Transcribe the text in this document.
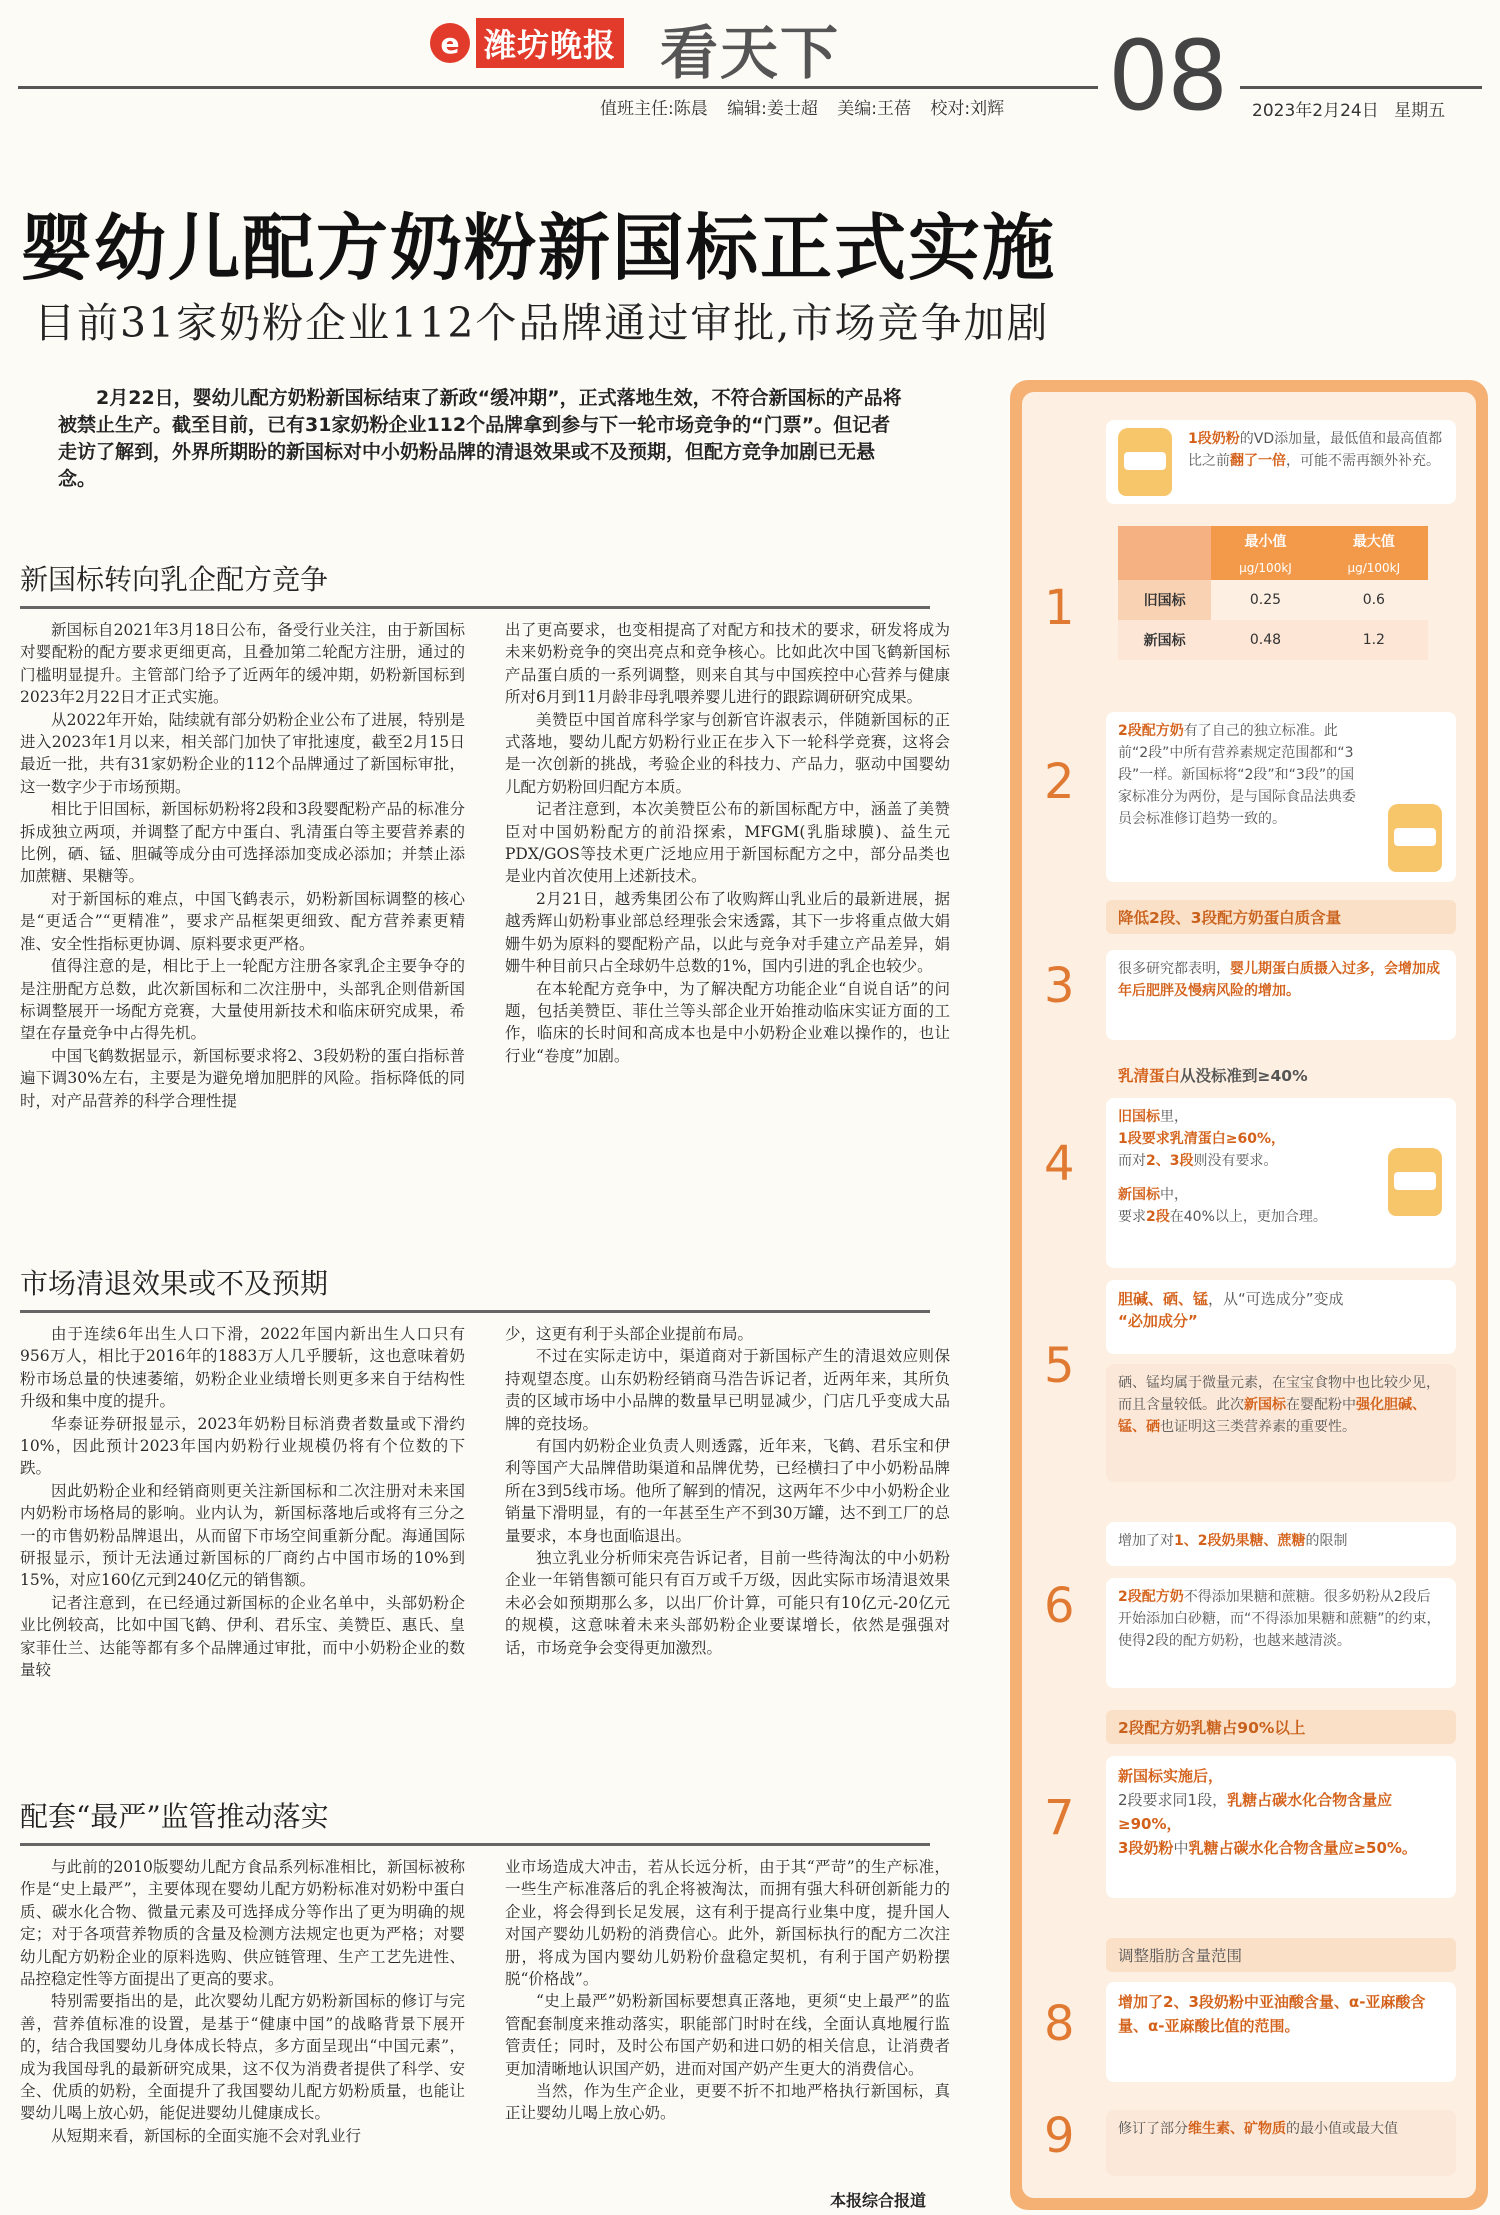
e 潍坊晚报 看天下
值班主任:陈晨 编辑:姜士超 美编:王蓓 校对:刘辉 08 2023年2月24日 星期五
婴幼儿配方奶粉新国标正式实施
目前31家奶粉企业112个品牌通过审批,市场竞争加剧
2月22日，婴幼儿配方奶粉新国标结束了新政“缓冲期”，正式落地生效，不符合新国标的产品将被禁止生产。截至目前，已有31家奶粉企业112个品牌拿到参与下一轮市场竞争的“门票”。但记者走访了解到，外界所期盼的新国标对中小奶粉品牌的清退效果或不及预期，但配方竞争加剧已无悬念。
新国标转向乳企配方竞争

新国标自2021年3月18日公布，备受行业关注，由于新国标对婴配粉的配方要求更细更高，且叠加第二轮配方注册，通过的门槛明显提升。主管部门给予了近两年的缓冲期，奶粉新国标到2023年2月22日才正式实施。

从2022年开始，陆续就有部分奶粉企业公布了进展，特别是进入2023年1月以来，相关部门加快了审批速度，截至2月15日最近一批，共有31家奶粉企业的112个品牌通过了新国标审批，这一数字少于市场预期。

相比于旧国标，新国标奶粉将2段和3段婴配粉产品的标准分拆成独立两项，并调整了配方中蛋白、乳清蛋白等主要营养素的比例，硒、锰、胆碱等成分由可选择添加变成必添加；并禁止添加蔗糖、果糖等。

对于新国标的难点，中国飞鹤表示，奶粉新国标调整的核心是“更适合”“更精准”，要求产品框架更细致、配方营养素更精准、安全性指标更协调、原料要求更严格。

值得注意的是，相比于上一轮配方注册各家乳企主要争夺的是注册配方总数，此次新国标和二次注册中，头部乳企则借新国标调整展开一场配方竞赛，大量使用新技术和临床研究成果，希望在存量竞争中占得先机。

中国飞鹤数据显示，新国标要求将2、3段奶粉的蛋白指标普遍下调30%左右，主要是为避免增加肥胖的风险。指标降低的同时，对产品营养的科学合理性提

出了更高要求，也变相提高了对配方和技术的要求，研发将成为未来奶粉竞争的突出亮点和竞争核心。比如此次中国飞鹤新国标产品蛋白质的一系列调整，则来自其与中国疾控中心营养与健康所对6月到11月龄非母乳喂养婴儿进行的跟踪调研研究成果。

美赞臣中国首席科学家与创新官许淑表示，伴随新国标的正式落地，婴幼儿配方奶粉行业正在步入下一轮科学竞赛，这将会是一次创新的挑战，考验企业的科技力、产品力，驱动中国婴幼儿配方奶粉回归配方本质。

记者注意到，本次美赞臣公布的新国标配方中，涵盖了美赞臣对中国奶粉配方的前沿探索，MFGM(乳脂球膜)、益生元PDX/GOS等技术更广泛地应用于新国标配方之中，部分品类也是业内首次使用上述新技术。

2月21日，越秀集团公布了收购辉山乳业后的最新进展，据越秀辉山奶粉事业部总经理张会宋透露，其下一步将重点做大娟姗牛奶为原料的婴配粉产品，以此与竞争对手建立产品差异，娟姗牛种目前只占全球奶牛总数的1%，国内引进的乳企也较少。

在本轮配方竞争中，为了解决配方功能企业“自说自话”的问题，包括美赞臣、菲仕兰等头部企业开始推动临床实证方面的工作，临床的长时间和高成本也是中小奶粉企业难以操作的，也让行业“卷度”加剧。

市场清退效果或不及预期

由于连续6年出生人口下滑，2022年国内新出生人口只有956万人，相比于2016年的1883万人几乎腰斩，这也意味着奶粉市场总量的快速萎缩，奶粉企业业绩增长则更多来自于结构性升级和集中度的提升。

华泰证券研报显示，2023年奶粉目标消费者数量或下滑约10%，因此预计2023年国内奶粉行业规模仍将有个位数的下跌。

因此奶粉企业和经销商则更关注新国标和二次注册对未来国内奶粉市场格局的影响。业内认为，新国标落地后或将有三分之一的市售奶粉品牌退出，从而留下市场空间重新分配。海通国际研报显示，预计无法通过新国标的厂商约占中国市场的10%到15%，对应160亿元到240亿元的销售额。

记者注意到，在已经通过新国标的企业名单中，头部奶粉企业比例较高，比如中国飞鹤、伊利、君乐宝、美赞臣、惠氏、皇家菲仕兰、达能等都有多个品牌通过审批，而中小奶粉企业的数量较

少，这更有利于头部企业提前布局。

不过在实际走访中，渠道商对于新国标产生的清退效应则保持观望态度。山东奶粉经销商马浩告诉记者，近两年来，其所负责的区域市场中小品牌的数量早已明显减少，门店几乎变成大品牌的竞技场。

有国内奶粉企业负责人则透露，近年来，飞鹤、君乐宝和伊利等国产大品牌借助渠道和品牌优势，已经横扫了中小奶粉品牌所在3到5线市场。他所了解到的情况，这两年不少中小奶粉企业销量下滑明显，有的一年甚至生产不到30万罐，达不到工厂的总量要求，本身也面临退出。

独立乳业分析师宋亮告诉记者，目前一些待淘汰的中小奶粉企业一年销售额可能只有百万或千万级，因此实际市场清退效果未必会如预期那么多，以出厂价计算，可能只有10亿元-20亿元的规模，这意味着未来头部奶粉企业要谋增长，依然是强强对话，市场竞争会变得更加激烈。

配套“最严”监管推动落实

与此前的2010版婴幼儿配方食品系列标准相比，新国标被称作是“史上最严”，主要体现在婴幼儿配方奶粉标准对奶粉中蛋白质、碳水化合物、微量元素及可选择成分等作出了更为明确的规定；对于各项营养物质的含量及检测方法规定也更为严格；对婴幼儿配方奶粉企业的原料选购、供应链管理、生产工艺先进性、品控稳定性等方面提出了更高的要求。

特别需要指出的是，此次婴幼儿配方奶粉新国标的修订与完善，营养值标准的设置，是基于“健康中国”的战略背景下展开的，结合我国婴幼儿身体成长特点，多方面呈现出“中国元素”，成为我国母乳的最新研究成果，这不仅为消费者提供了科学、安全、优质的奶粉，全面提升了我国婴幼儿配方奶粉质量，也能让婴幼儿喝上放心奶，能促进婴幼儿健康成长。

从短期来看，新国标的全面实施不会对乳业行

业市场造成大冲击，若从长远分析，由于其“严苛”的生产标准，一些生产标准落后的乳企将被淘汰，而拥有强大科研创新能力的企业，将会得到长足发展，这有利于提高行业集中度，提升国人对国产婴幼儿奶粉的消费信心。此外，新国标执行的配方二次注册，将成为国内婴幼儿奶粉价盘稳定契机，有利于国产奶粉摆脱“价格战”。

“史上最严”奶粉新国标要想真正落地，更须“史上最严”的监管配套制度来推动落实，职能部门时时在线，全面认真地履行监管责任；同时，及时公布国产奶和进口奶的相关信息，让消费者更加清晰地认识国产奶，进而对国产奶产生更大的消费信心。

当然，作为生产企业，更要不折不扣地严格执行新国标，真正让婴幼儿喝上放心奶。

本报综合报道
1段奶粉的VD添加量，最低值和最高值都比之前翻了一倍，可能不需再额外补充。
1
	最小值	最大值
	μg/100kJ	μg/100kJ
旧国标	0.25	0.6
新国标	0.48	1.2
2
2段配方奶有了自己的独立标准。此前“2段”中所有营养素规定范围都和“3段”一样。新国标将“2段”和“3段”的国家标准分为两份，是与国际食品法典委员会标准修订趋势一致的。
降低2段、3段配方奶蛋白质含量
3	很多研究都表明，婴儿期蛋白质摄入过多，会增加成年后肥胖及慢病风险的增加。
乳清蛋白从没标准到≥40%
4
旧国标里，
1段要求乳清蛋白≥60%，
而对2、3段则没有要求。
新国标中，
要求2段在40%以上，更加合理。
胆碱、硒、锰，从“可选成分”变成
“必加成分”
5	硒、锰均属于微量元素，在宝宝食物中也比较少见，而且含量较低。此次新国标在婴配粉中强化胆碱、锰、硒也证明这三类营养素的重要性。
增加了对1、2段奶果糖、蔗糖的限制
6	2段配方奶不得添加果糖和蔗糖。很多奶粉从2段后开始添加白砂糖，而“不得添加果糖和蔗糖”的约束，使得2段的配方奶粉，也越来越清淡。
2段配方奶乳糖占90%以上
7
新国标实施后，
2段要求同1段，乳糖占碳水化合物含量应≥90%，
3段奶粉中乳糖占碳水化合物含量应≥50%。
调整脂肪含量范围
8	增加了2、3段奶粉中亚油酸含量、α-亚麻酸含量、α-亚麻酸比值的范围。
9	修订了部分维生素、矿物质的最小值或最大值
